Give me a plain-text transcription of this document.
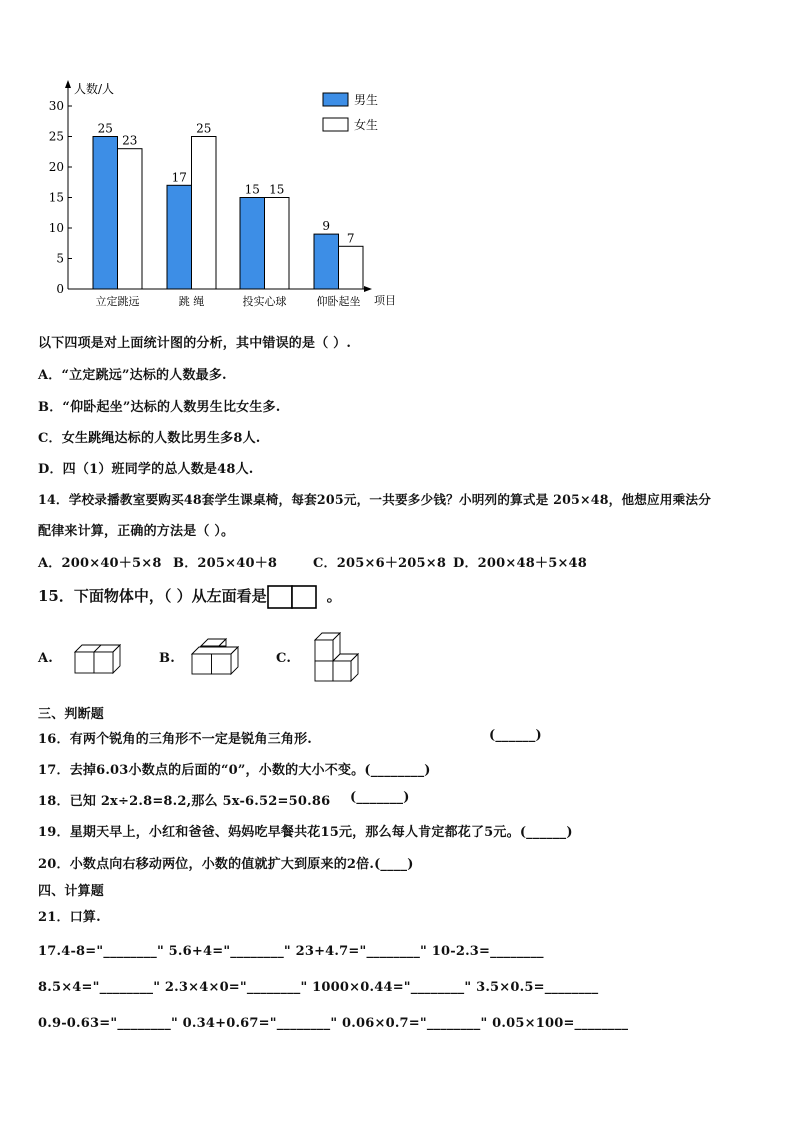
人数/人
项目
0
5
10
15
20
25
30
25
23
立定跳远
17
25
跳 绳
15 15
投实心球
9
7
仰卧起坐
男生
女生
以下四项是对上面统计图的分析，其中错误的是（ ）.
A．“立定跳远”达标的人数最多.
B．“仰卧起坐”达标的人数男生比女生多.
C．女生跳绳达标的人数比男生多8人.
D．四（1）班同学的总人数是48人.
14．学校录播教室要购买48套学生课桌椅，每套205元，一共要多少钱？小明列的算式是 205×48，他想应用乘法分
配律来计算，正确的方法是（ ）。
A．200×40＋5×8 B．205×40＋8	C．205×6＋205×8 D．200×48＋5×48
15．下面物体中，（ ）从左面看是	。
A.	B.	C.
三、判断题
16．有两个锐角的三角形不一定是锐角三角形.	(______)
17．去掉6.03小数点的后面的“0”，小数的大小不变。(________)
18．已知 2x÷2.8=8.2,那么 5x-6.52=50.86 (_______)
19．星期天早上，小红和爸爸、妈妈吃早餐共花15元，那么每人肯定都花了5元。(______)
20．小数点向右移动两位，小数的值就扩大到原来的2倍.(____)
四、计算题
21．口算.
17.4-8="________" 5.6+4="________" 23+4.7="________" 10-2.3=________
8.5×4="________" 2.3×4×0="________" 1000×0.44="________" 3.5×0.5=________
0.9-0.63="________" 0.34+0.67="________" 0.06×0.7="________" 0.05×100=________
